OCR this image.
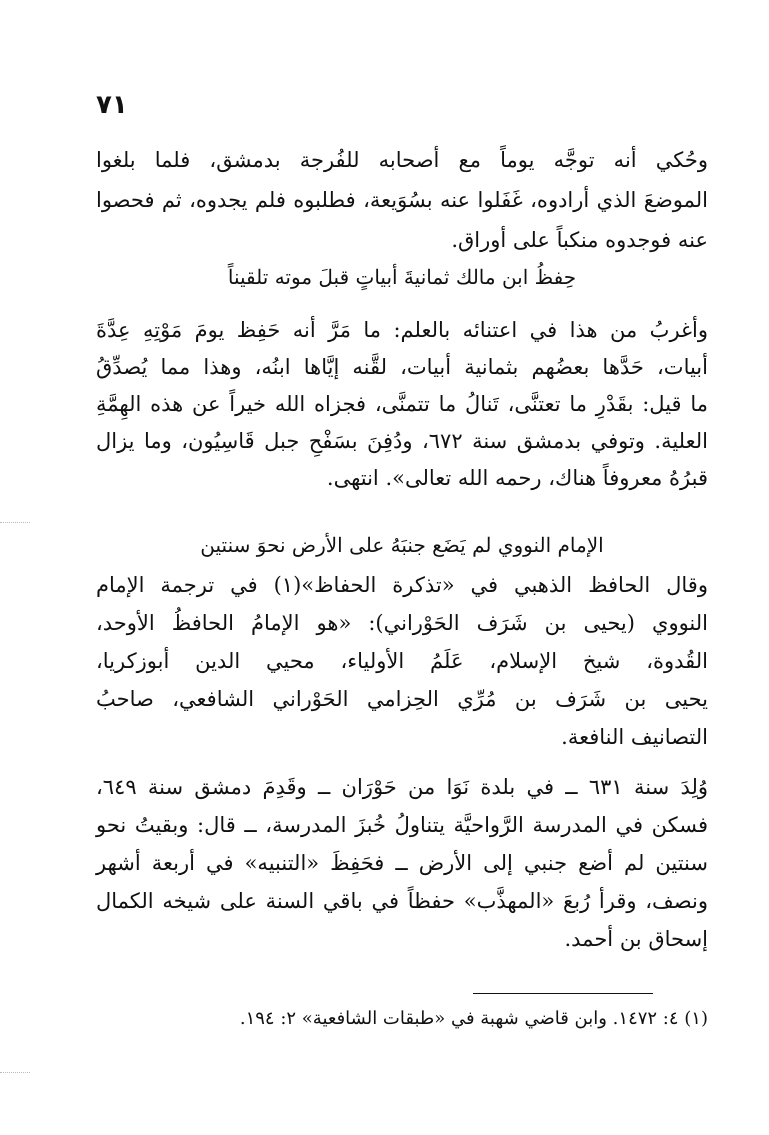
٧١
وحُكي أنه توجَّه يوماً مع أصحابه للفُرجة بدمشق، فلما بلغوا
الموضعَ الذي أرادوه، غَفَلوا عنه بسُوَيعة، فطلبوه فلم يجدوه، ثم فحصوا
عنه فوجدوه منكباً على أوراق.
حِفظُ ابن مالك ثمانيةَ أبياتٍ قبلَ موته تلقيناً
وأغربُ من هذا في اعتنائه بالعلم: ما مَرَّ أنه حَفِظ يومَ مَوْتِهِ عِدَّةَ
أبيات، حَدَّها بعضُهم بثمانية أبيات، لقَّنه إيَّاها ابنُه، وهذا مما يُصدِّقُ
ما قيل: بقَدْرِ ما تعتنَّى، تَنالُ ما تتمنَّى، فجزاه الله خيراً عن هذه الهِمَّةِ
العلية. وتوفي بدمشق سنة ٦٧٢، ودُفِنَ بسَفْحِ جبل قَاسِيُون، وما يزال
قبرُهُ معروفاً هناك، رحمه الله تعالى». انتهى.
الإمام النووي لم يَضَع جنبَهُ على الأرض نحوَ سنتين
وقال الحافظ الذهبي في «تذكرة الحفاظ»(١) في ترجمة الإمام
النووي (يحيى بن شَرَف الحَوْراني): «هو الإمامُ الحافظُ الأوحد،
القُدوة، شيخ الإسلام، عَلَمُ الأولياء، محيي الدين أبوزكريا،
يحيى بن شَرَف بن مُرِّي الحِزامي الحَوْراني الشافعي، صاحبُ
التصانيف النافعة.
وُلِدَ سنة ٦٣١ ــ في بلدة نَوَا من حَوْرَان ــ وقَدِمَ دمشق سنة ٦٤٩،
فسكن في المدرسة الرَّواحيَّة يتناولُ خُبزَ المدرسة، ــ قال: وبقيتُ نحو
سنتين لم أضع جنبي إلى الأرض ــ فحَفِظَ «التنبيه» في أربعة أشهر
ونصف، وقرأ رُبعَ «المهذَّب» حفظاً في باقي السنة على شيخه الكمال
إسحاق بن أحمد.
(١) ٤: ١٤٧٢. وابن قاضي شهبة في «طبقات الشافعية» ٢: ١٩٤.
